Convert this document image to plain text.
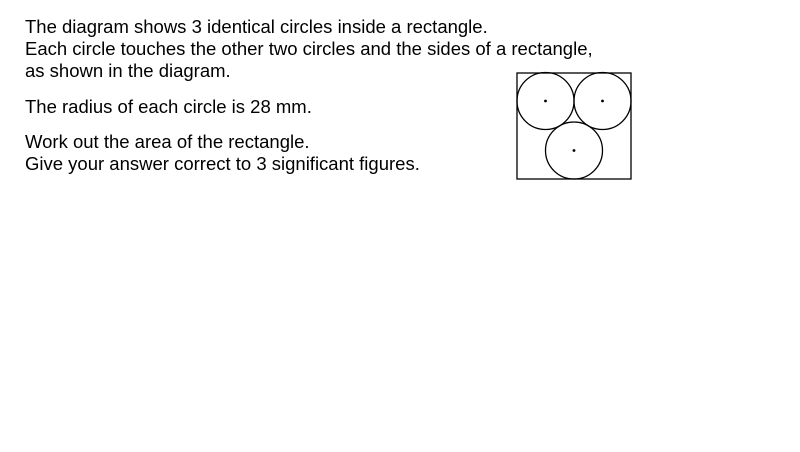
The diagram shows 3 identical circles inside a rectangle.
Each circle touches the other two circles and the sides of a rectangle,
as shown in the diagram.
The radius of each circle is 28 mm.
Work out the area of the rectangle.
Give your answer correct to 3 significant figures.
